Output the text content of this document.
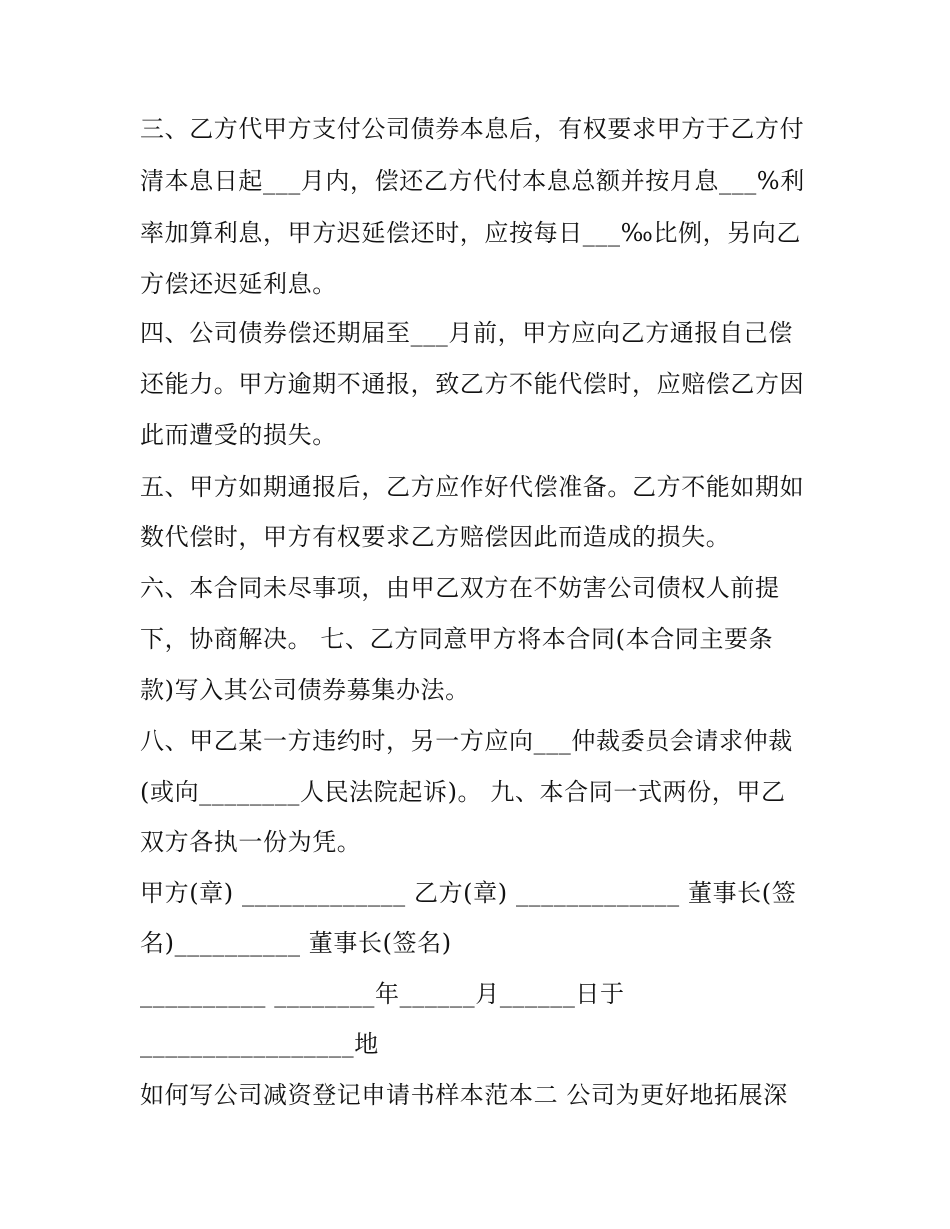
三、乙方代甲方支付公司债券本息后，有权要求甲方于乙方付
清本息日起___月内，偿还乙方代付本息总额并按月息___%利
率加算利息，甲方迟延偿还时，应按每日___‰比例，另向乙
方偿还迟延利息。
四、公司债券偿还期届至___月前，甲方应向乙方通报自己偿
还能力。甲方逾期不通报，致乙方不能代偿时，应赔偿乙方因
此而遭受的损失。
五、甲方如期通报后，乙方应作好代偿准备。乙方不能如期如
数代偿时，甲方有权要求乙方赔偿因此而造成的损失。
六、本合同未尽事项，由甲乙双方在不妨害公司债权人前提
下，协商解决。 七、乙方同意甲方将本合同(本合同主要条
款)写入其公司债券募集办法。
八、甲乙某一方违约时，另一方应向___仲裁委员会请求仲裁
(或向________人民法院起诉)。 九、本合同一式两份，甲乙
双方各执一份为凭。
甲方(章) _____________ 乙方(章) _____________ 董事长(签
名)__________ 董事长(签名)
__________ ________年______月______日于
_________________地
如何写公司减资登记申请书样本范本二 公司为更好地拓展深
